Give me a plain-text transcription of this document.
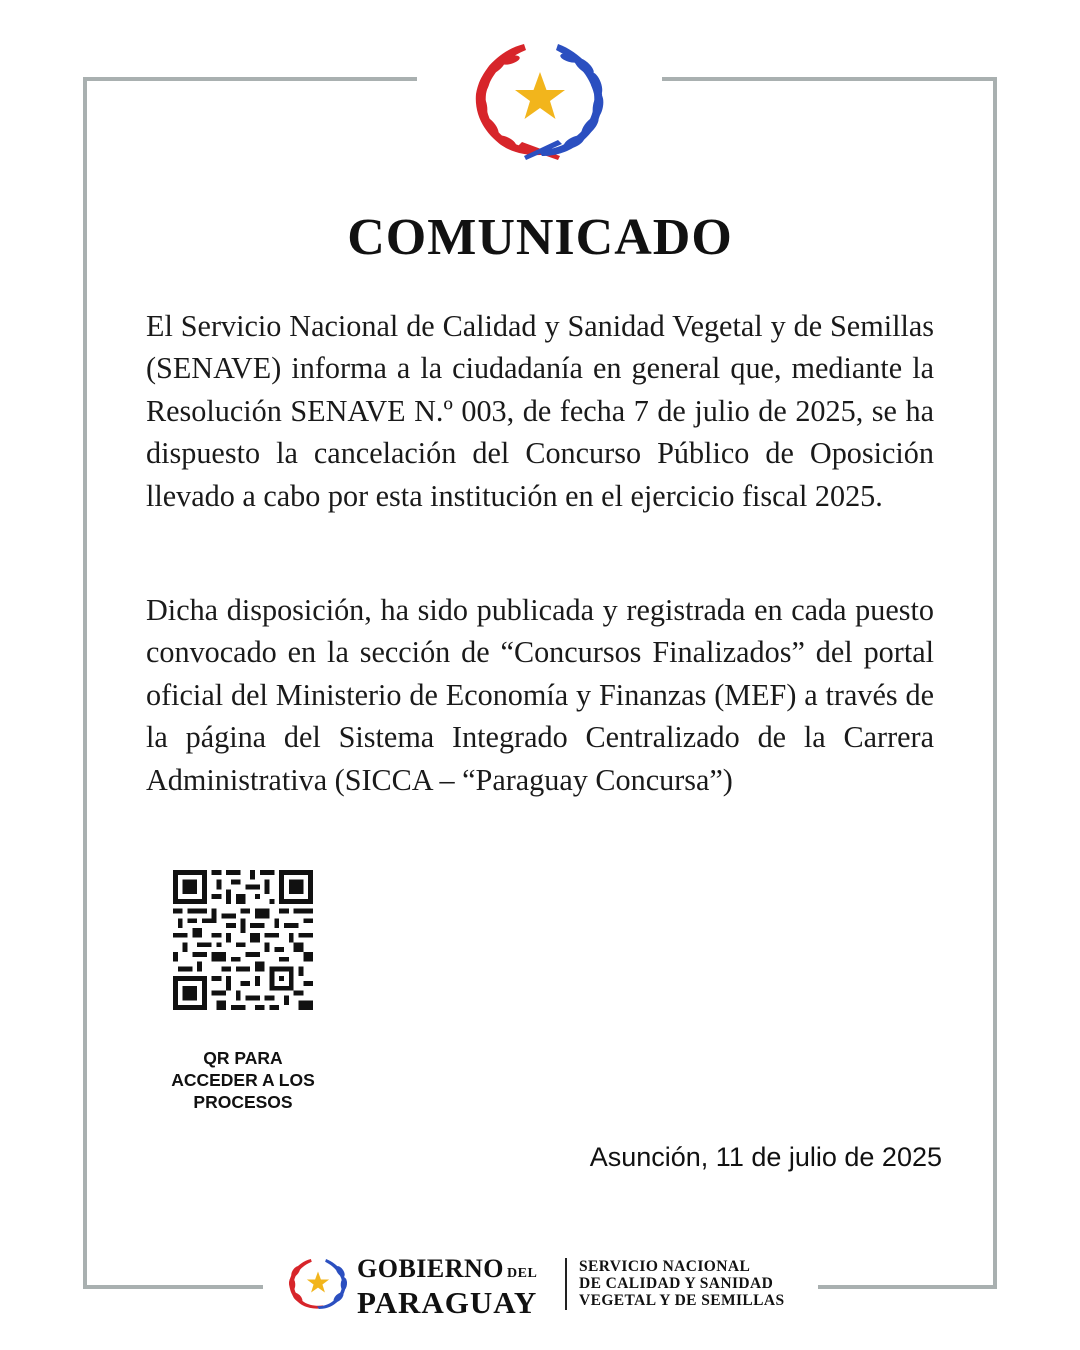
COMUNICADO

El Servicio Nacional de Calidad y Sanidad Vegetal y de Semillas (SENAVE) informa a la ciudadanía en general que, mediante la Resolución SENAVE N.º 003, de fecha 7 de julio de 2025, se ha dispuesto la cancelación del Concurso Público de Oposición llevado a cabo por esta institución en el ejercicio fiscal 2025.

Dicha disposición, ha sido publicada y registrada en cada puesto convocado en la sección de “Concursos Finalizados” del portal oficial del Ministerio de Economía y Finanzas (MEF) a través de la página del Sistema Integrado Centralizado de la Carrera Administrativa (SICCA – “Paraguay Concursa”)

QR PARA
ACCEDER A LOS
PROCESOS
Asunción, 11 de julio de 2025
GOBIERNO DEL
PARAGUAY
SERVICIO NACIONAL
DE CALIDAD Y SANIDAD
VEGETAL Y DE SEMILLAS
